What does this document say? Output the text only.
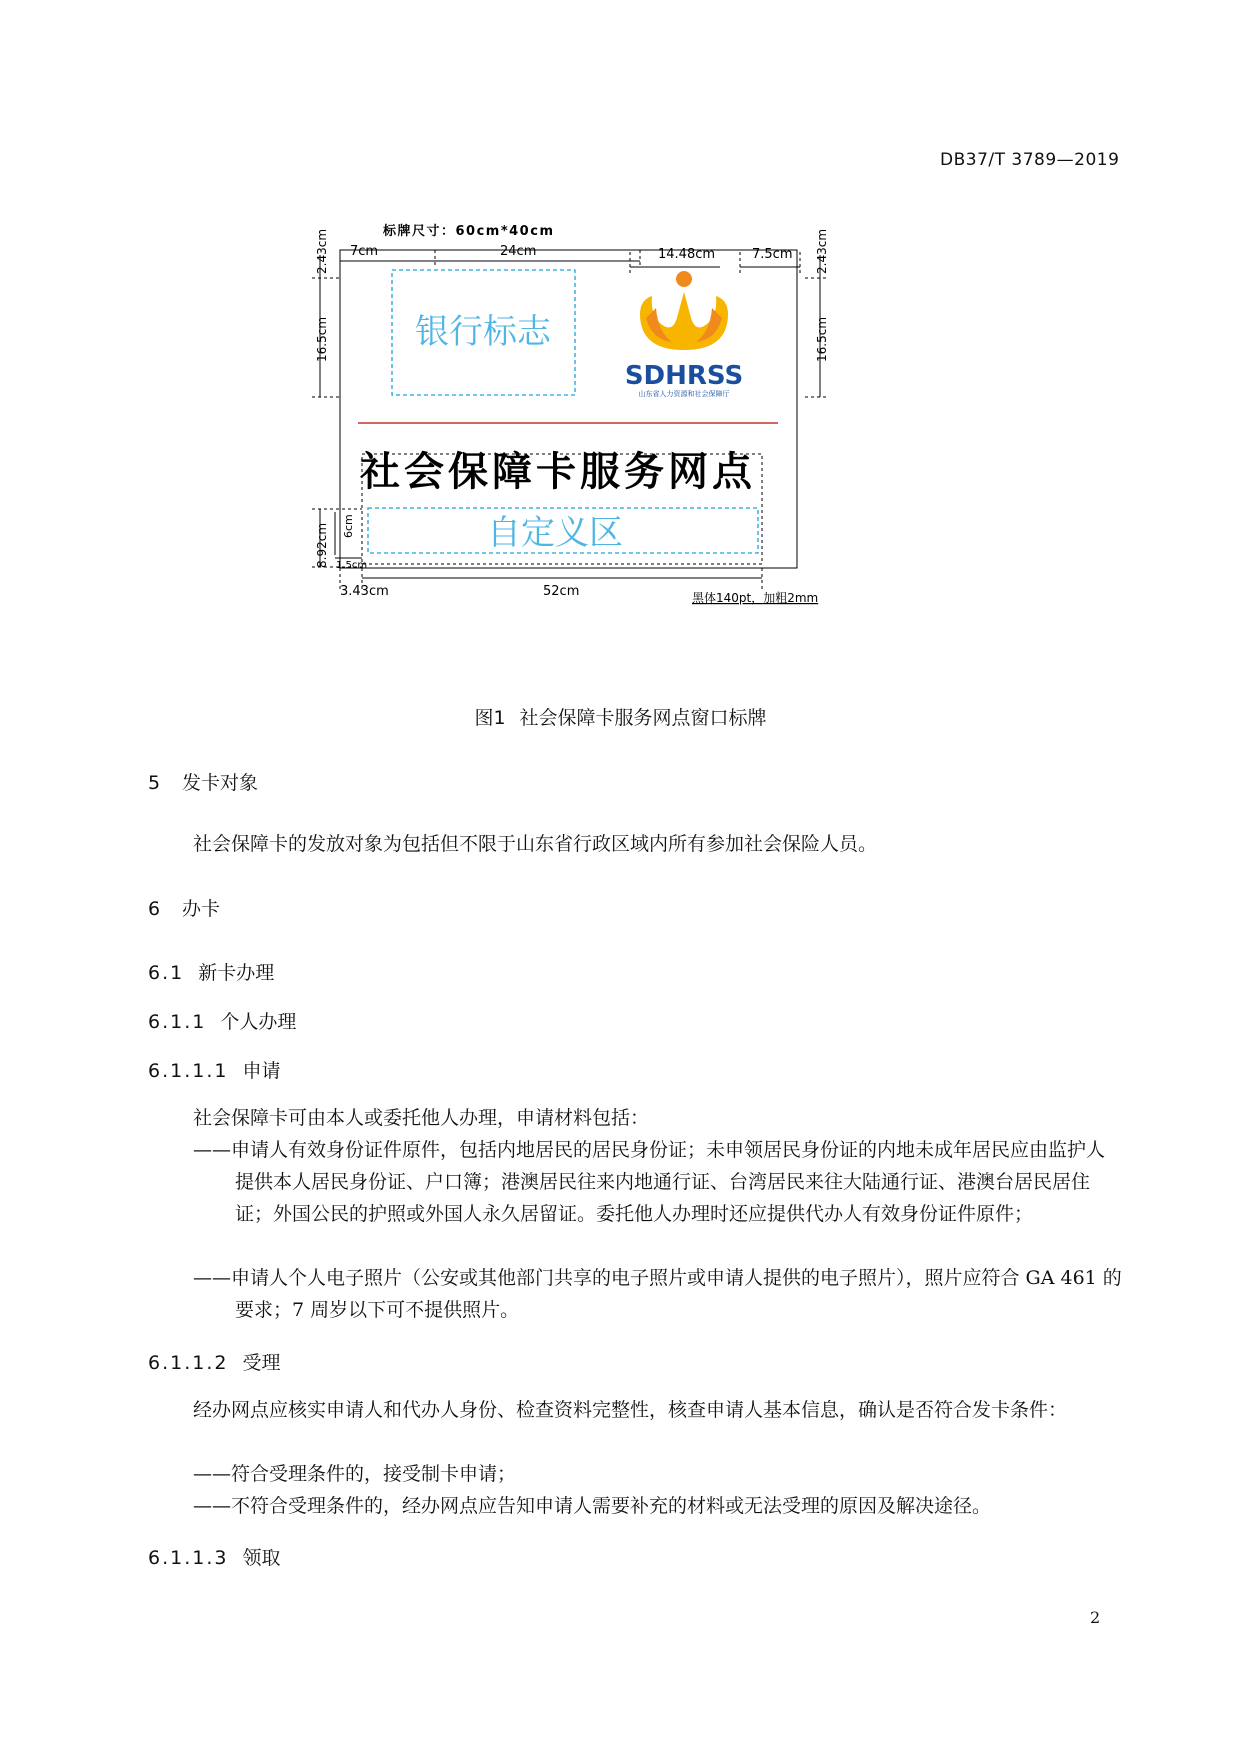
DB37/T 3789—2019
标牌尺寸：60cm*40cm
7cm	24cm	14.48cm	7.5cm
2.43cm
16.5cm
2.43cm
16.5cm
8.92cm 6cm
银行标志
SDHRSS
山东省人力资源和社会保障厅
社会保障卡服务网点
自定义区
1.5cm
3.43cm	52cm	黑体140pt，加粗2mm
图1 社会保障卡服务网点窗口标牌
5 发卡对象
社会保障卡的发放对象为包括但不限于山东省行政区域内所有参加社会保险人员。
6 办卡
6.1 新卡办理
6.1.1 个人办理
6.1.1.1 申请
社会保障卡可由本人或委托他人办理，申请材料包括：
——申请人有效身份证件原件，包括内地居民的居民身份证；未申领居民身份证的内地未成年居民应由监护人提供本人居民身份证、户口簿；港澳居民往来内地通行证、台湾居民来往大陆通行证、港澳台居民居住证；外国公民的护照或外国人永久居留证。委托他人办理时还应提供代办人有效身份证件原件；
——申请人个人电子照片（公安或其他部门共享的电子照片或申请人提供的电子照片），照片应符合 GA 461 的要求；7 周岁以下可不提供照片。
6.1.1.2 受理
经办网点应核实申请人和代办人身份、检查资料完整性，核查申请人基本信息，确认是否符合发卡条件：
——符合受理条件的，接受制卡申请；
——不符合受理条件的，经办网点应告知申请人需要补充的材料或无法受理的原因及解决途径。
6.1.1.3 领取
2
